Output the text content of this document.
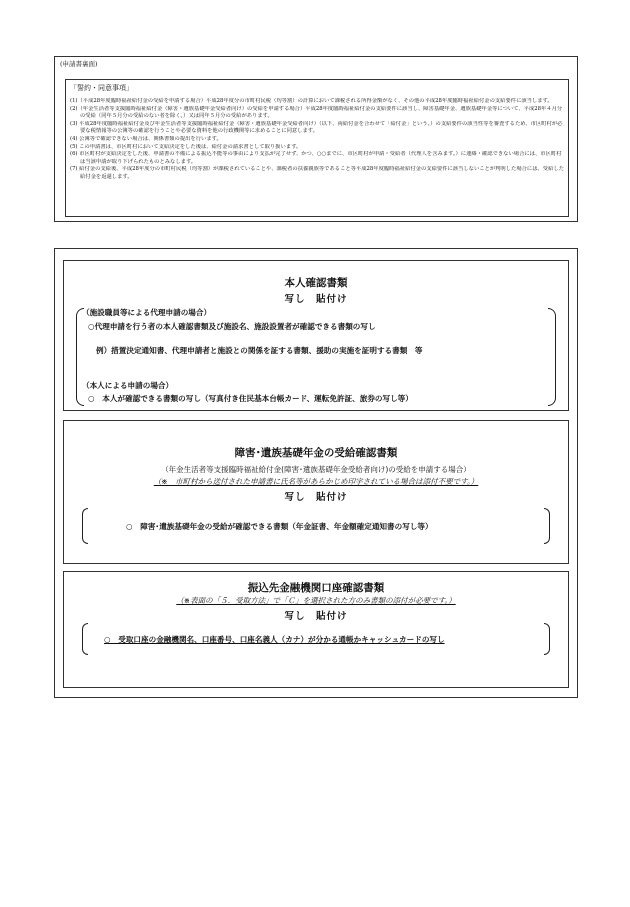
(申請書裏面)
「誓約・同意事項」
(1)（平成28年度臨時福祉給付金の受給を申請する場合）平成28年度分の市町村民税（均等割）の計算において課税される所得金額がなく、その他の平成28年度臨時福祉給付金の支給要件に該当します。
(2)（年金生活者等支援臨時福祉給付金（障害・遺族基礎年金受給者向け）の受給を申請する場合）平成28年度臨時福祉給付金の支給要件に該当し、障害基礎年金、遺族基礎年金等について、平成28年４月分の受給（同年５月分の受給のない者を除く。）又は同年５月分の受給があります。
(3) 平成28年度臨時福祉給付金及び年金生活者等支援臨時福祉給付金（障害・遺族基礎年金受給者向け）（以下、両給付金を合わせて「給付金」という。）の支給要件の該当性等を審査するため、市区町村が必要な税情報等の公簿等の確認を行うことや必要な資料を他の行政機関等に求めることに同意します。
(4) 公簿等で確認できない場合は、関係書類の提出を行います。
(5) この申請書は、市区町村において支給決定をした後は、給付金の請求書として取り扱います。
(6) 市区町村が支給決定をした後、申請書の不備による振込不能等の事由により支払が完了せず、かつ、○○までに、市区町村が申請・受給者（代理人を含みます。）に連絡・確認できない場合には、市区町村は当該申請が取り下げられたものとみなします。
(7) 給付金の支給後、平成28年度分の市町村民税（均等割）が課税されていることや、課税者の扶養親族等であること等平成28年度臨時福祉給付金の支給要件に該当しないことが判明した場合には、受給した給付金を返還します。
本人確認書類
写し　貼付け
（施設職員等による代理申請の場合）
○代理申請を行う者の本人確認書類及び施設名、施設設置者が確認できる書類の写し
例）措置決定通知書、代理申請者と施設との関係を証する書類、援助の実施を証明する書類　等
（本人による申請の場合）
○　本人が確認できる書類の写し（写真付き住民基本台帳カード、運転免許証、旅券の写し等）
障害･遺族基礎年金の受給確認書類
（年金生活者等支援臨時福祉給付金(障害･遺族基礎年金受給者向け)の受給を申請する場合）
（※　市町村から送付された申請書に氏名等があらかじめ印字されている場合は添付不要です。）
写し　貼付け
○　障害･遺族基礎年金の受給が確認できる書類（年金証書、年金額確定通知書の写し等）
振込先金融機関口座確認書類
（※表面の「５．受取方法」で「Ｃ」を選択された方のみ書類の添付が必要です。）
写し　貼付け
○　受取口座の金融機関名、口座番号、口座名義人（カナ）が分かる通帳かキャッシュカードの写し
